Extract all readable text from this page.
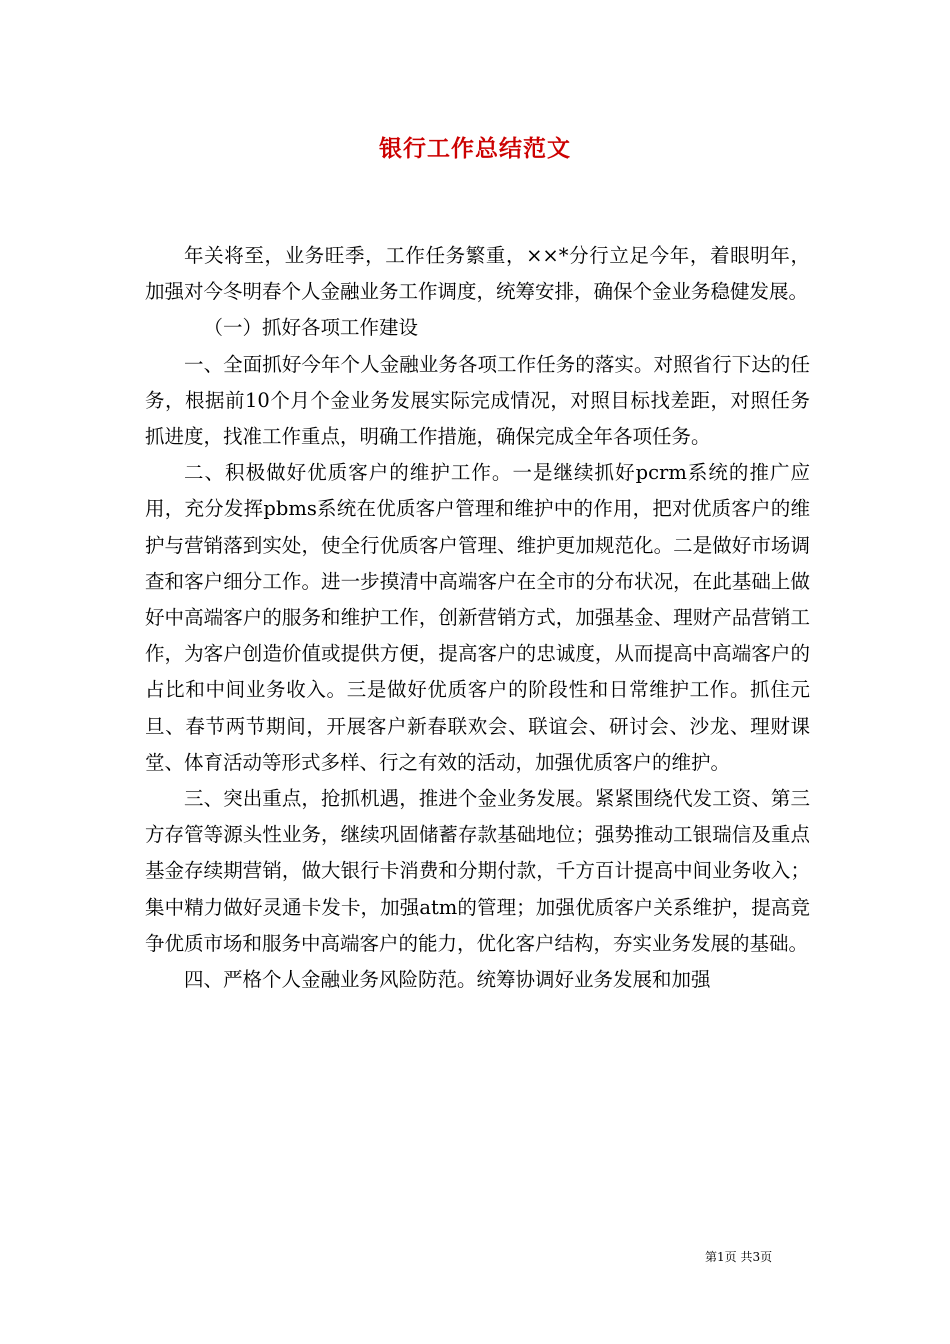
银行工作总结范文

年关将至，业务旺季，工作任务繁重，××*分行立足今年，着眼明年，加强对今冬明春个人金融业务工作调度，统筹安排，确保个金业务稳健发展。

（一）抓好各项工作建设

一、全面抓好今年个人金融业务各项工作任务的落实。对照省行下达的任务，根据前10个月个金业务发展实际完成情况，对照目标找差距，对照任务抓进度，找准工作重点，明确工作措施，确保完成全年各项任务。

二、积极做好优质客户的维护工作。一是继续抓好pcrm系统的推广应用，充分发挥pbms系统在优质客户管理和维护中的作用，把对优质客户的维护与营销落到实处，使全行优质客户管理、维护更加规范化。二是做好市场调查和客户细分工作。进一步摸清中高端客户在全市的分布状况，在此基础上做好中高端客户的服务和维护工作，创新营销方式，加强基金、理财产品营销工作，为客户创造价值或提供方便，提高客户的忠诚度，从而提高中高端客户的占比和中间业务收入。三是做好优质客户的阶段性和日常维护工作。抓住元旦、春节两节期间，开展客户新春联欢会、联谊会、研讨会、沙龙、理财课堂、体育活动等形式多样、行之有效的活动，加强优质客户的维护。

三、突出重点，抢抓机遇，推进个金业务发展。紧紧围绕代发工资、第三方存管等源头性业务，继续巩固储蓄存款基础地位；强势推动工银瑞信及重点基金存续期营销，做大银行卡消费和分期付款，千方百计提高中间业务收入；集中精力做好灵通卡发卡，加强atm的管理；加强优质客户关系维护，提高竞争优质市场和服务中高端客户的能力，优化客户结构，夯实业务发展的基础。

四、严格个人金融业务风险防范。统筹协调好业务发展和加强

第1页 共3页
